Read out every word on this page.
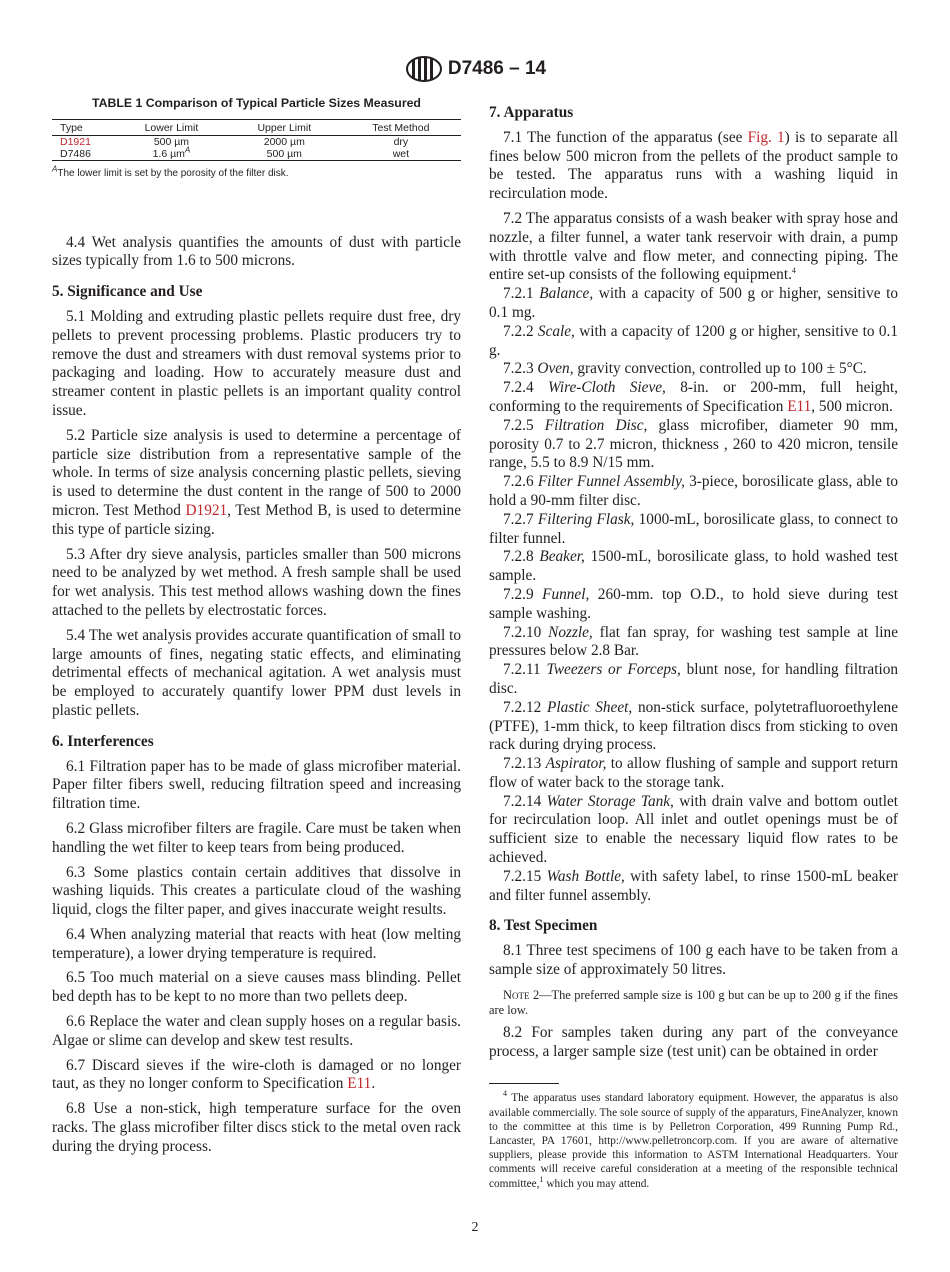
D7486 – 14
TABLE 1 Comparison of Typical Particle Sizes Measured
Type	Lower Limit	Upper Limit	Test Method
D1921	500 µm	2000 µm	dry
D7486	1.6 µm$^A$	500 µm	wet
$^A$The lower limit is set by the porosity of the filter disk.
4.4 Wet analysis quantifies the amounts of dust with particle sizes typically from 1.6 to 500 microns.
5. Significance and Use
5.1 Molding and extruding plastic pellets require dust free, dry pellets to prevent processing problems. Plastic producers try to remove the dust and streamers with dust removal systems prior to packaging and loading. How to accurately measure dust and streamer content in plastic pellets is an important quality control issue.
5.2 Particle size analysis is used to determine a percentage of particle size distribution from a representative sample of the whole. In terms of size analysis concerning plastic pellets, sieving is used to determine the dust content in the range of 500 to 2000 micron. Test Method D1921, Test Method B, is used to determine this type of particle sizing.
5.3 After dry sieve analysis, particles smaller than 500 microns need to be analyzed by wet method. A fresh sample shall be used for wet analysis. This test method allows washing down the fines attached to the pellets by electrostatic forces.
5.4 The wet analysis provides accurate quantification of small to large amounts of fines, negating static effects, and eliminating detrimental effects of mechanical agitation. A wet analysis must be employed to accurately quantify lower PPM dust levels in plastic pellets.
6. Interferences
6.1 Filtration paper has to be made of glass microfiber material. Paper filter fibers swell, reducing filtration speed and increasing filtration time.
6.2 Glass microfiber filters are fragile. Care must be taken when handling the wet filter to keep tears from being produced.
6.3 Some plastics contain certain additives that dissolve in washing liquids. This creates a particulate cloud of the washing liquid, clogs the filter paper, and gives inaccurate weight results.
6.4 When analyzing material that reacts with heat (low melting temperature), a lower drying temperature is required.
6.5 Too much material on a sieve causes mass blinding. Pellet bed depth has to be kept to no more than two pellets deep.
6.6 Replace the water and clean supply hoses on a regular basis. Algae or slime can develop and skew test results.
6.7 Discard sieves if the wire-cloth is damaged or no longer taut, as they no longer conform to Specification E11.
6.8 Use a non-stick, high temperature surface for the oven racks. The glass microfiber filter discs stick to the metal oven rack during the drying process.
7. Apparatus
7.1 The function of the apparatus (see Fig. 1) is to separate all fines below 500 micron from the pellets of the product sample to be tested. The apparatus runs with a washing liquid in recirculation mode.
7.2 The apparatus consists of a wash beaker with spray hose and nozzle, a filter funnel, a water tank reservoir with drain, a pump with throttle valve and flow meter, and connecting piping. The entire set-up consists of the following equipment.$^4$
7.2.1 Balance, with a capacity of 500 g or higher, sensitive to 0.1 mg.
7.2.2 Scale, with a capacity of 1200 g or higher, sensitive to 0.1 g.
7.2.3 Oven, gravity convection, controlled up to 100 ± 5°C.
7.2.4 Wire-Cloth Sieve, 8-in. or 200-mm, full height, conforming to the requirements of Specification E11, 500 micron.
7.2.5 Filtration Disc, glass microfiber, diameter 90 mm, porosity 0.7 to 2.7 micron, thickness , 260 to 420 micron, tensile range, 5.5 to 8.9 N/15 mm.
7.2.6 Filter Funnel Assembly, 3-piece, borosilicate glass, able to hold a 90-mm filter disc.
7.2.7 Filtering Flask, 1000-mL, borosilicate glass, to connect to filter funnel.
7.2.8 Beaker, 1500-mL, borosilicate glass, to hold washed test sample.
7.2.9 Funnel, 260-mm. top O.D., to hold sieve during test sample washing.
7.2.10 Nozzle, flat fan spray, for washing test sample at line pressures below 2.8 Bar.
7.2.11 Tweezers or Forceps, blunt nose, for handling filtration disc.
7.2.12 Plastic Sheet, non-stick surface, polytetrafluoroethylene (PTFE), 1-mm thick, to keep filtration discs from sticking to oven rack during drying process.
7.2.13 Aspirator, to allow flushing of sample and support return flow of water back to the storage tank.
7.2.14 Water Storage Tank, with drain valve and bottom outlet for recirculation loop. All inlet and outlet openings must be of sufficient size to enable the necessary liquid flow rates to be achieved.
7.2.15 Wash Bottle, with safety label, to rinse 1500-mL beaker and filter funnel assembly.
8. Test Specimen
8.1 Three test specimens of 100 g each have to be taken from a sample size of approximately 50 litres.
Note 2—The preferred sample size is 100 g but can be up to 200 g if the fines are low.
8.2 For samples taken during any part of the conveyance process, a larger sample size (test unit) can be obtained in order
$^4$ The apparatus uses standard laboratory equipment. However, the apparatus is also available commercially. The sole source of supply of the apparaturs, FineAnalyzer, known to the committee at this time is by Pelletron Corporation, 499 Running Pump Rd., Lancaster, PA 17601, http://www.pelletroncorp.com. If you are aware of alternative suppliers, please provide this information to ASTM International Headquarters. Your comments will receive careful consideration at a meeting of the responsible technical committee,$^1$ which you may attend.
2
